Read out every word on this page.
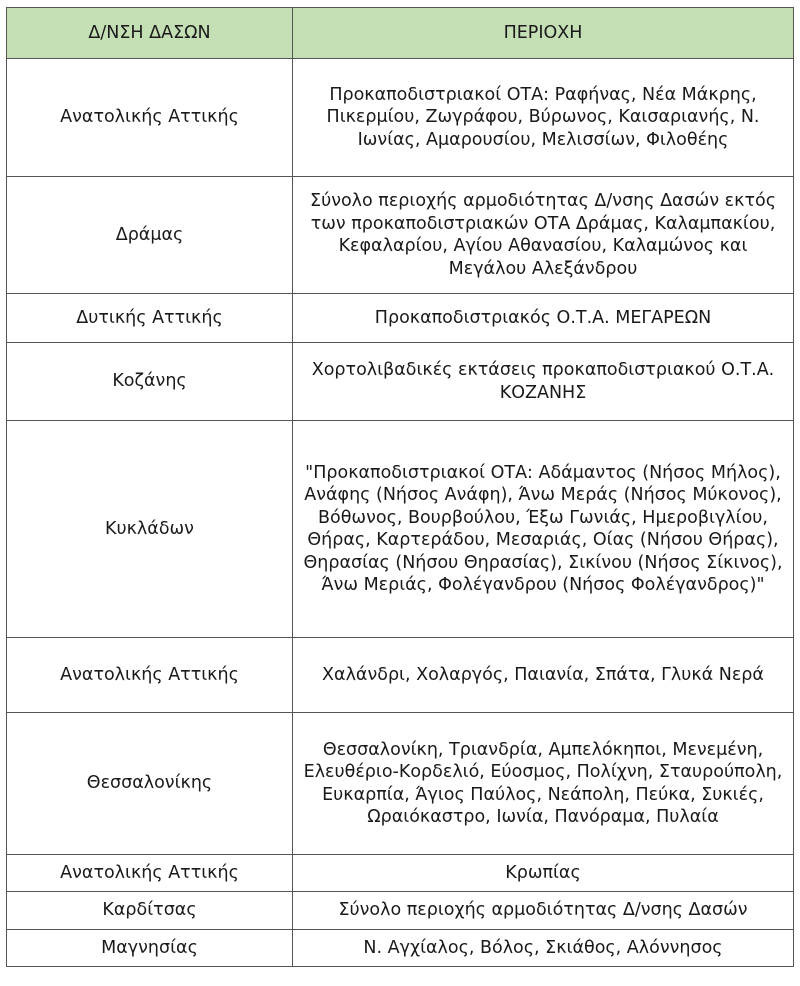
Δ/ΝΣΗ ΔΑΣΩΝ	ΠΕΡΙΟΧΗ
Ανατολικής Αττικής	Προκαποδιστριακοί ΟΤΑ: Ραφήνας, Νέα Μάκρης, Πικερμίου, Ζωγράφου, Βύρωνος, Καισαριανής, Ν. Ιωνίας, Αμαρουσίου, Μελισσίων, Φιλοθέης
Δράμας	Σύνολο περιοχής αρμοδιότητας Δ/νσης Δασών εκτός των προκαποδιστριακών ΟΤΑ Δράμας, Καλαμπακίου, Κεφαλαρίου, Αγίου Αθανασίου, Καλαμώνος και Μεγάλου Αλεξάνδρου
Δυτικής Αττικής	Προκαποδιστριακός Ο.Τ.Α. ΜΕΓΑΡΕΩΝ
Κοζάνης	Χορτολιβαδικές εκτάσεις προκαποδιστριακού Ο.Τ.Α. ΚΟΖΑΝΗΣ
Κυκλάδων	"Προκαποδιστριακοί ΟΤΑ: Αδάμαντος (Νήσος Μήλος), Ανάφης (Νήσος Ανάφη), Άνω Μεράς (Νήσος Μύκονος), Βόθωνος, Βουρβούλου, Έξω Γωνιάς, Ημεροβιγλίου, Θήρας, Καρτεράδου, Μεσαριάς, Οίας (Νήσου Θήρας), Θηρασίας (Νήσου Θηρασίας), Σικίνου (Νήσος Σίκινος), Άνω Μεριάς, Φολέγανδρου (Νήσος Φολέγανδρος)"
Ανατολικής Αττικής	Χαλάνδρι, Χολαργός, Παιανία, Σπάτα, Γλυκά Νερά
Θεσσαλονίκης	Θεσσαλονίκη, Τριανδρία, Αμπελόκηποι, Μενεμένη, Ελευθέριο-Κορδελιό, Εύοσμος, Πολίχνη, Σταυρούπολη, Ευκαρπία, Άγιος Παύλος, Νεάπολη, Πεύκα, Συκιές, Ωραιόκαστρο, Ιωνία, Πανόραμα, Πυλαία
Ανατολικής Αττικής	Κρωπίας
Καρδίτσας	Σύνολο περιοχής αρμοδιότητας Δ/νσης Δασών
Μαγνησίας	Ν. Αγχίαλος, Βόλος, Σκιάθος, Αλόννησος
